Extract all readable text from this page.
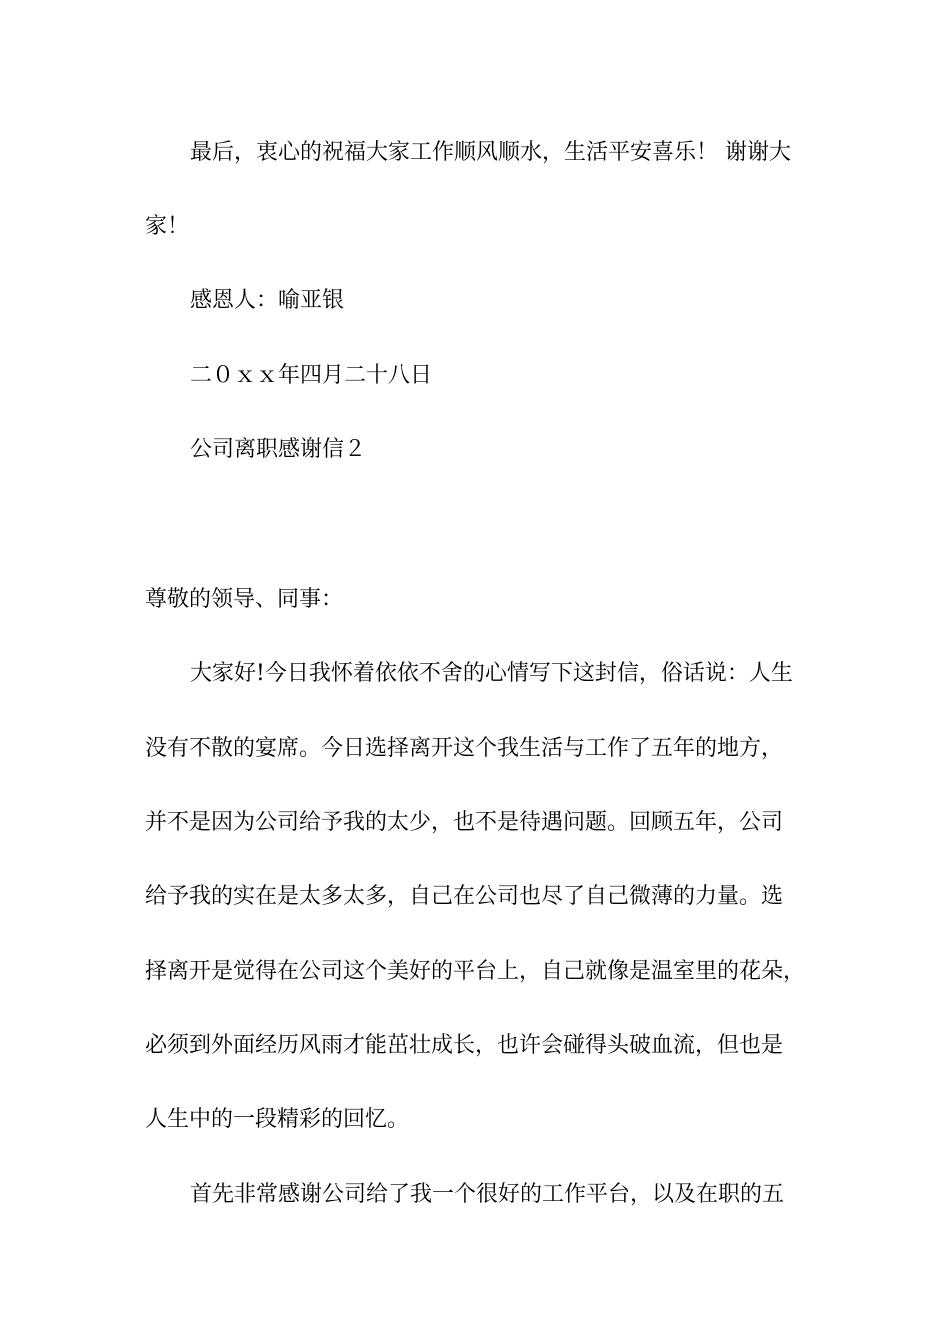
最后，衷心的祝福大家工作顺风顺水，生活平安喜乐！ 谢谢大
家！
感恩人：喻亚银
二０ｘｘ年四月二十八日
公司离职感谢信２
尊敬的领导、同事：
大家好!今日我怀着依依不舍的心情写下这封信，俗话说：人生
没有不散的宴席。今日选择离开这个我生活与工作了五年的地方，
并不是因为公司给予我的太少，也不是待遇问题。回顾五年，公司
给予我的实在是太多太多，自己在公司也尽了自己微薄的力量。选
择离开是觉得在公司这个美好的平台上，自己就像是温室里的花朵，
必须到外面经历风雨才能茁壮成长，也许会碰得头破血流，但也是
人生中的一段精彩的回忆。
首先非常感谢公司给了我一个很好的工作平台，以及在职的五
